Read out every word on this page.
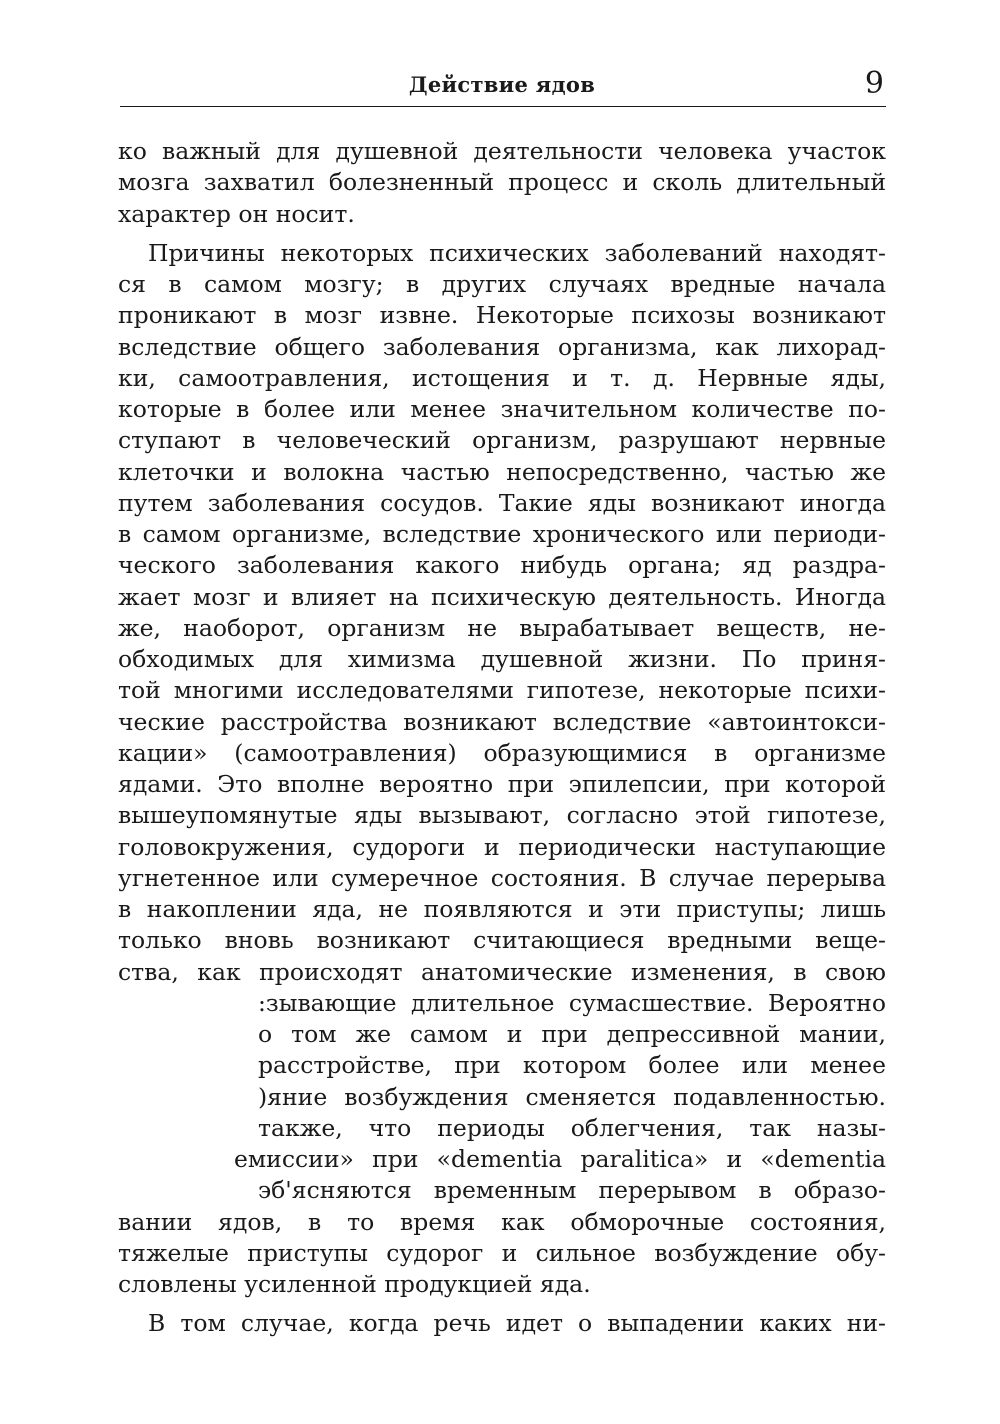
Действие ядов	9
ко важный для душевной деятельности человека участок
мозга захватил болезненный процесс и сколь длительный
характер он носит.
Причины некоторых психических заболеваний находят-
ся в самом мозгу; в других случаях вредные начала
проникают в мозг извне. Некоторые психозы возникают
вследствие общего заболевания организма, как лихорад-
ки, самоотравления, истощения и т. д. Нервные яды,
которые в более или менее значительном количестве по-
ступают в человеческий организм, разрушают нервные
клеточки и волокна частью непосредственно, частью же
путем заболевания сосудов. Такие яды возникают иногда
в самом организме, вследствие хронического или периоди-
ческого заболевания какого нибудь органа; яд раздра-
жает мозг и влияет на психическую деятельность. Иногда
же, наоборот, организм не вырабатывает веществ, не-
обходимых для химизма душевной жизни. По приня-
той многими исследователями гипотезе, некоторые психи-
ческие расстройства возникают вследствие «автоинтокси-
кации» (самоотравления) образующимися в организме
ядами. Это вполне вероятно при эпилепсии, при которой
вышеупомянутые яды вызывают, согласно этой гипотезе,
головокружения, судороги и периодически наступающие
угнетенное или сумеречное состояния. В случае перерыва
в накоплении яда, не появляются и эти приступы; лишь
только вновь возникают считающиеся вредными веще-
ства, как происходят анатомические изменения, в свою
:зывающие длительное сумасшествие. Вероятно
о том же самом и при депрессивной мании,
расстройстве, при котором более или менее
)яние возбуждения сменяется подавленностью.
также, что периоды облегчения, так назы-
емиссии» при «dementia paralitica» и «dementia
эб'ясняются временным перерывом в образо-
вании ядов, в то время как обморочные состояния,
тяжелые приступы судорог и сильное возбуждение обу-
словлены усиленной продукцией яда.
В том случае, когда речь идет о выпадении каких ни-
